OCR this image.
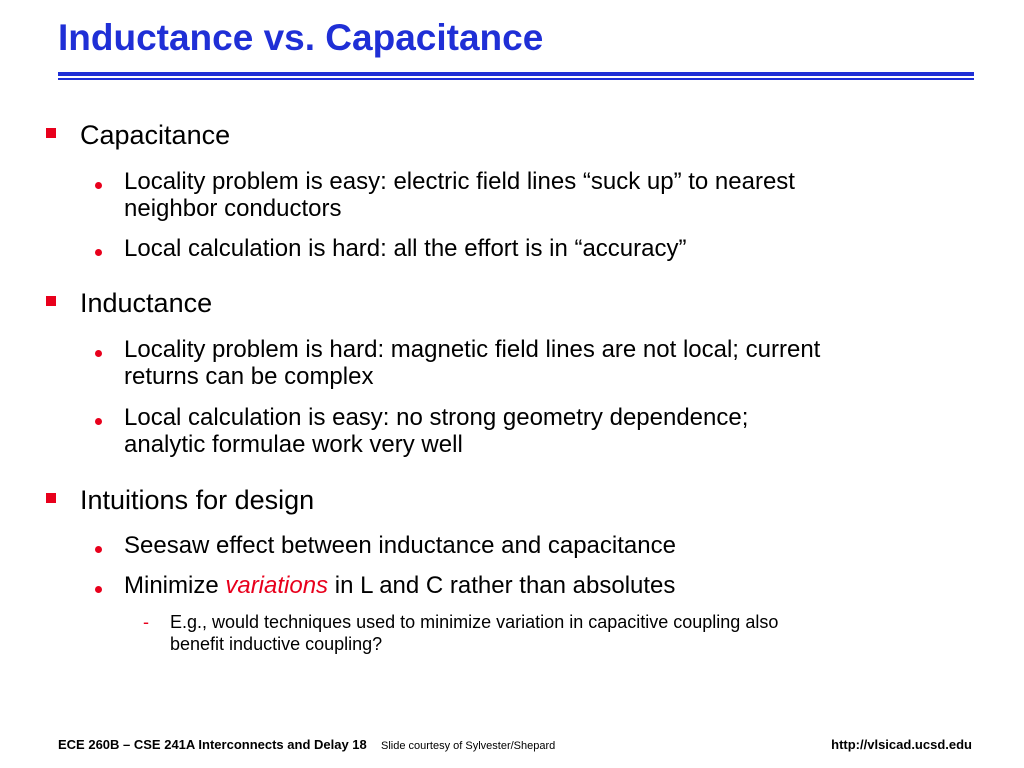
Inductance vs. Capacitance
Capacitance
Locality problem is easy: electric field lines “suck up” to nearest
neighbor conductors
Local calculation is hard: all the effort is in “accuracy”
Inductance
Locality problem is hard: magnetic field lines are not local; current
returns can be complex
Local calculation is easy: no strong geometry dependence;
analytic formulae work very well
Intuitions for design
Seesaw effect between inductance and capacitance
Minimize variations in L and C rather than absolutes
- E.g., would techniques used to minimize variation in capacitive coupling also
benefit inductive coupling?
ECE 260B – CSE 241A Interconnects and Delay 18 Slide courtesy of Sylvester/Shepard	http://vlsicad.ucsd.edu
